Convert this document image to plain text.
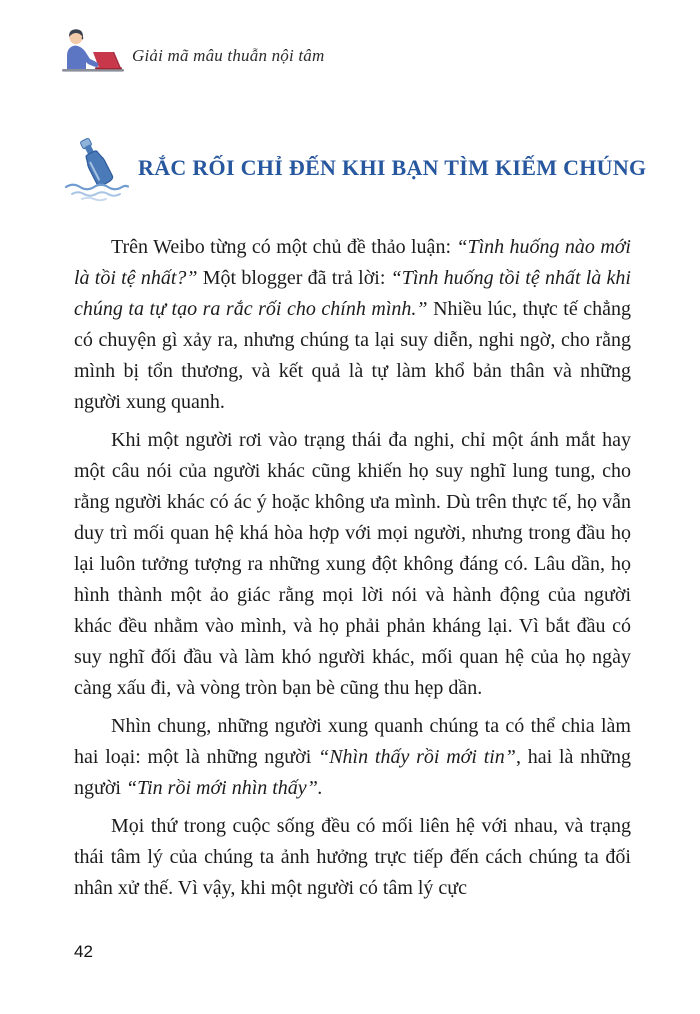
Giải mã mâu thuẫn nội tâm
RẮC RỐI CHỈ ĐẾN KHI BẠN TÌM KIẾM CHÚNG

Trên Weibo từng có một chủ đề thảo luận: “Tình huống nào mới là tồi tệ nhất?” Một blogger đã trả lời: “Tình huống tồi tệ nhất là khi chúng ta tự tạo ra rắc rối cho chính mình.” Nhiều lúc, thực tế chẳng có chuyện gì xảy ra, nhưng chúng ta lại suy diễn, nghi ngờ, cho rằng mình bị tổn thương, và kết quả là tự làm khổ bản thân và những người xung quanh.

Khi một người rơi vào trạng thái đa nghi, chỉ một ánh mắt hay một câu nói của người khác cũng khiến họ suy nghĩ lung tung, cho rằng người khác có ác ý hoặc không ưa mình. Dù trên thực tế, họ vẫn duy trì mối quan hệ khá hòa hợp với mọi người, nhưng trong đầu họ lại luôn tưởng tượng ra những xung đột không đáng có. Lâu dần, họ hình thành một ảo giác rằng mọi lời nói và hành động của người khác đều nhằm vào mình, và họ phải phản kháng lại. Vì bắt đầu có suy nghĩ đối đầu và làm khó người khác, mối quan hệ của họ ngày càng xấu đi, và vòng tròn bạn bè cũng thu hẹp dần.

Nhìn chung, những người xung quanh chúng ta có thể chia làm hai loại: một là những người “Nhìn thấy rồi mới tin”, hai là những người “Tin rồi mới nhìn thấy”.

Mọi thứ trong cuộc sống đều có mối liên hệ với nhau, và trạng thái tâm lý của chúng ta ảnh hưởng trực tiếp đến cách chúng ta đối nhân xử thế. Vì vậy, khi một người có tâm lý cực

42
